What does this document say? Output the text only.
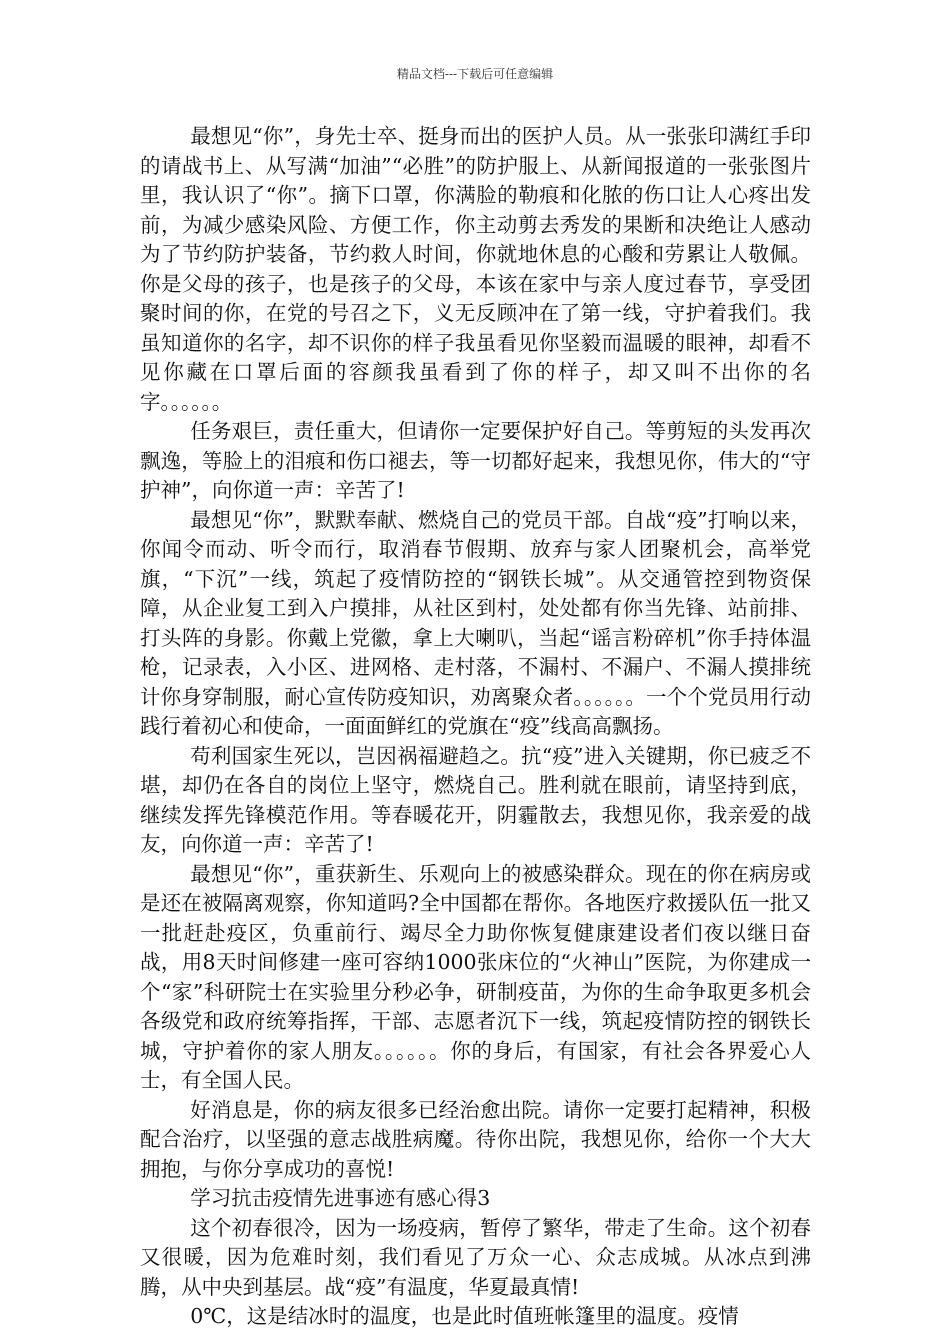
精品文档---下载后可任意编辑

最想见“你”，身先士卒、挺身而出的医护人员。从一张张印满红手印的请战书上、从写满“加油”“必胜”的防护服上、从新闻报道的一张张图片里，我认识了“你”。摘下口罩，你满脸的勒痕和化脓的伤口让人心疼出发前，为减少感染风险、方便工作，你主动剪去秀发的果断和决绝让人感动为了节约防护装备，节约救人时间，你就地休息的心酸和劳累让人敬佩。你是父母的孩子，也是孩子的父母，本该在家中与亲人度过春节，享受团聚时间的你，在党的号召之下，义无反顾冲在了第一线，守护着我们。我虽知道你的名字，却不识你的样子我虽看见你坚毅而温暖的眼神，却看不见你藏在口罩后面的容颜我虽看到了你的样子，却又叫不出你的名字。。。。。。

任务艰巨，责任重大，但请你一定要保护好自己。等剪短的头发再次飘逸，等脸上的泪痕和伤口褪去，等一切都好起来，我想见你，伟大的“守护神”，向你道一声：辛苦了!

最想见“你”，默默奉献、燃烧自己的党员干部。自战“疫”打响以来，你闻令而动、听令而行，取消春节假期、放弃与家人团聚机会，高举党旗，“下沉”一线，筑起了疫情防控的“钢铁长城”。从交通管控到物资保障，从企业复工到入户摸排，从社区到村，处处都有你当先锋、站前排、打头阵的身影。你戴上党徽，拿上大喇叭，当起“谣言粉碎机”你手持体温枪，记录表，入小区、进网格、走村落，不漏村、不漏户、不漏人摸排统计你身穿制服，耐心宣传防疫知识，劝离聚众者。。。。。。一个个党员用行动践行着初心和使命，一面面鲜红的党旗在“疫”线高高飘扬。

苟利国家生死以，岂因祸福避趋之。抗“疫”进入关键期，你已疲乏不堪，却仍在各自的岗位上坚守，燃烧自己。胜利就在眼前，请坚持到底，继续发挥先锋模范作用。等春暖花开，阴霾散去，我想见你，我亲爱的战友，向你道一声：辛苦了!

最想见“你”，重获新生、乐观向上的被感染群众。现在的你在病房或是还在被隔离观察，你知道吗?全中国都在帮你。各地医疗救援队伍一批又一批赶赴疫区，负重前行、竭尽全力助你恢复健康建设者们夜以继日奋战，用8天时间修建一座可容纳1000张床位的“火神山”医院，为你建成一个“家”科研院士在实验里分秒必争，研制疫苗，为你的生命争取更多机会各级党和政府统筹指挥，干部、志愿者沉下一线，筑起疫情防控的钢铁长城，守护着你的家人朋友。。。。。。你的身后，有国家，有社会各界爱心人士，有全国人民。

好消息是，你的病友很多已经治愈出院。请你一定要打起精神，积极配合治疗，以坚强的意志战胜病魔。待你出院，我想见你，给你一个大大拥抱，与你分享成功的喜悦!

学习抗击疫情先进事迹有感心得3

这个初春很冷，因为一场疫病，暂停了繁华，带走了生命。这个初春又很暖，因为危难时刻，我们看见了万众一心、众志成城。从冰点到沸腾，从中央到基层。战“疫”有温度，华夏最真情!

0℃，这是结冰时的温度，也是此时值班帐篷里的温度。疫情
